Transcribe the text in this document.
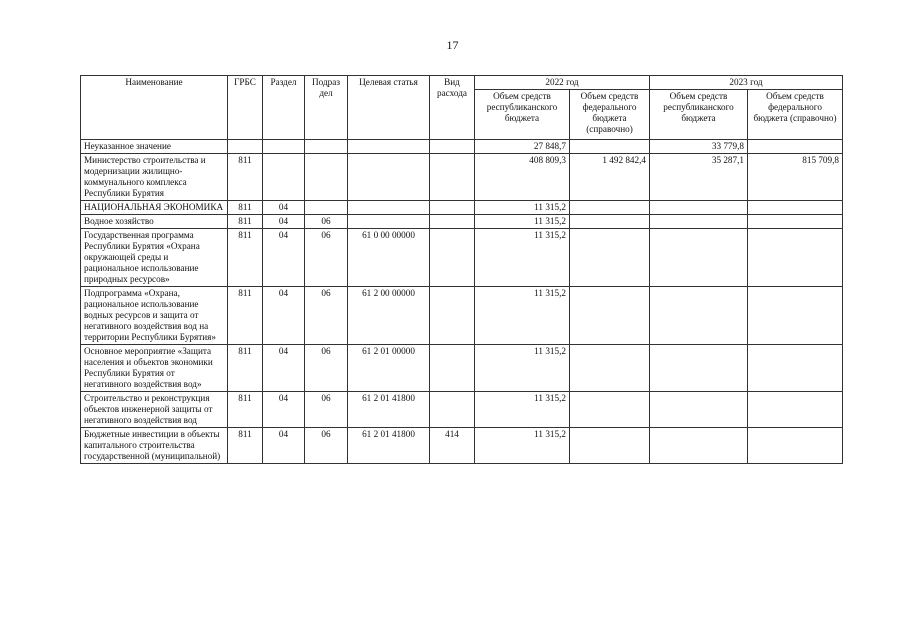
17
Наименование	ГРБС	Раздел	Подраз дел	Целевая статья	Вид расхода	2022 год		2023 год	
						Объем средств республиканского бюджета	Объем средств федерального бюджета (справочно)	Объем средств республиканского бюджета	Объем средств федерального бюджета (справочно)
Неуказанное значение						27 848,7		33 779,8	
Министерство строительства и модернизации жилищно-коммунального комплекса Республики Бурятия	811					408 809,3	1 492 842,4	35 287,1	815 709,8
НАЦИОНАЛЬНАЯ ЭКОНОМИКА	811	04				11 315,2			
Водное хозяйство	811	04	06			11 315,2			
Государственная программа Республики Бурятия «Охрана окружающей среды и рациональное использование природных ресурсов»	811	04	06	61 0 00 00000		11 315,2			
Подпрограмма «Охрана, рациональное использование водных ресурсов и защита от негативного воздействия вод на территории Республики Бурятия»	811	04	06	61 2 00 00000		11 315,2			
Основное мероприятие «Защита населения и объектов экономики Республики Бурятия от негативного воздействия вод»	811	04	06	61 2 01 00000		11 315,2			
Строительство и реконструкция объектов инженерной защиты от негативного воздействия вод	811	04	06	61 2 01 41800		11 315,2			
Бюджетные инвестиции в объекты капитального строительства государственной (муниципальной)	811	04	06	61 2 01 41800	414	11 315,2			
